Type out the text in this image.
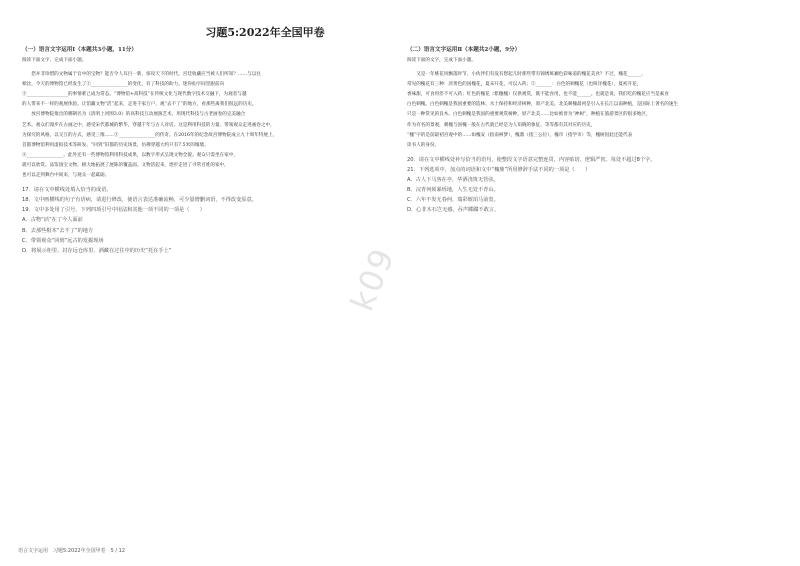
习题5:2022年全国甲卷

（一）语言文字运用Ⅰ（本题共3小题，11分）

阅读下面文字，完成下面小题。

　　您并非珍惜的文物属于官中的宝物？能否令人耳目一新，惊叹天下的时代，宫廷收藏应当被人们所知？……与以往

相比，今天的博物馆已经发生了①________________的变化，有了科技的助力，迷你仙字间里跟前向

③__________________的事情难己成为常态。“博物馆+高科技”在传统文化与现代数字技术交融下，为观者与越

的人带来不一样的观展体验。让馆藏文物“活”起来，走进千家万户，观“去不了”的地方，看那些离我们很远的历史。

　　放宫博物院推出的哪钢名为《清明上河图3.0》的高科技互动展演艺术，用现代科技与古老画卷的完美融合

艺术。观众们漫步在古画之中，感受宋代都城的繁华，穿越千年与古人对话。这是利用科技的力量，带领观众走进画卷之中，

为探究的风格，以交互的方式，感受三维……③________________的传奇。在2016年的纪念故宫博物院成立九十周年特展上，

首都博物馆利用虚拟技术等研发，“回到”旧都的历史场景，仿佛穿越大约只有7.5米的城墙。

④________________。此外还有一些博物馆利用科技成果，以数字形式呈现文物全貌。观众只需坐在家中，

就可以欣赏、品鉴国宝文物，极大地拓展了展陈的覆盖面。文物活起来，逐步走进了寻常百姓的家中，

也可以走到舞台中间来，与观众一起砥砺。

17．请在文中横线处填入恰当的成语。

18．文中画横线的句子有语病，请进行修改，使语言表达准确流畅，可少量增删词语，不得改变原意。

19．文中多处用了引号，下列四项引号中用法和其他一项不同的一项是（　　）

A．古物“活”在了今人面前

B．去那些根本“去不了”的地方

C．带领观众“回到”远古的发掘现场

D．将展示柜里、封存远仓库里、酒藏在过往中的历史“托在手上”

（二）语言文字运用Ⅱ（本题共2小题，9分）

阅读下面的文字，完成下面小题。

　　又是一年桃花风飘落时节，小伙伴们有没有想起儿时那些带有锦绣斑斓色彩味道的槐花美食？不过，槐花______，

常见的槐花有三种：淡黄色的国槐花，夏末开花，可以入药；②_______：白色的刺槐花（也叫洋槐花），夏初开花，

香味甜，可食用但不可入药；红色的槐花（紫穗槐）仅供观赏，既不能食用，也不能______。也就是说，我们吃的槐花应当是素食

白色刺槐。白色刺槐是我国重要的造林、水土保持和经济树种，原产北美。北美刺槐最初是引入在长江以南种植，是国际上著名的速生

只是一种常见的良木。白色刺槐是我国的重要观赏树种，原产北美……比如被誉为“神树”，种植在旅游景区的很多地区，

作为有名的景观，刺槐与国槐一般在古代就已经是为人知晓的象征，等等都有其对应的历史，

“槐”字的是前最初宫观中的……如槐安（指南柯梦），槐鼎（指三公位），槐市（指学市）等，槐树因此还能代表

读书人的身份。

20．请在文中横线处补写恰当的语句，使整段文字语意完整连贯，内容贴切，逻辑严密。每处不超过8个字。

21．下列选项中，加点的词语和文中“槐鼎”所用修辞手法不同的一项是（　　）

A．古人下马客在亭，华酒浇筑无管弦。

B．浣青何须暴烁地，人生无处不青山。

C．六年不发无春何，瑞彩琥珀马前宽。

D．心非木石岂无感，吞声踯躅不敢言。

k09
语言文字运用　习题5:2022年全国甲卷　5 / 12
